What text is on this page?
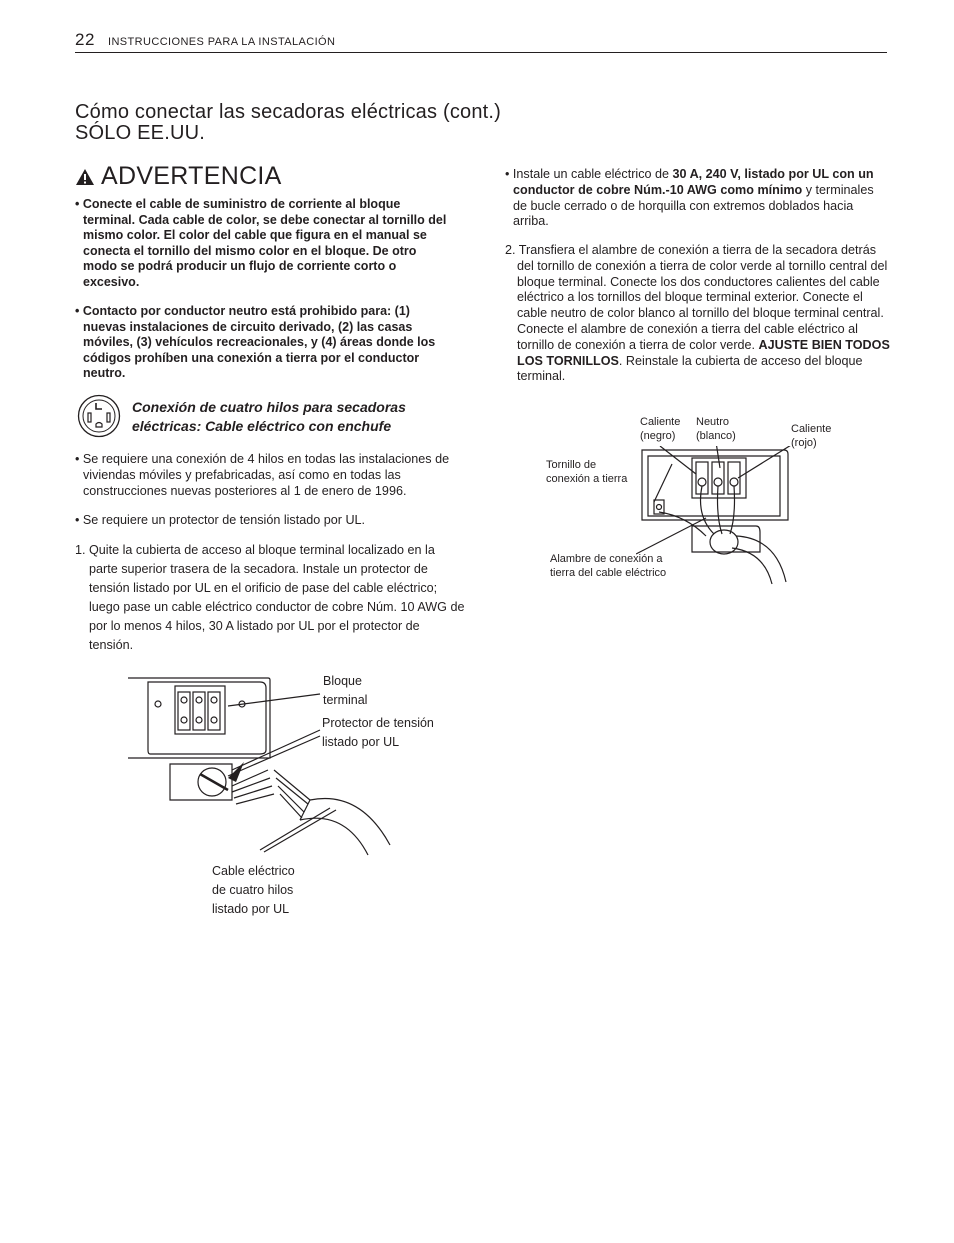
22 INSTRUCCIONES PARA LA INSTALACIÓN
Cómo conectar las secadoras eléctricas (cont.)
SÓLO EE.UU.
ADVERTENCIA

• Conecte el cable de suministro de corriente al bloque terminal. Cada cable de color, se debe conectar al tornillo del mismo color. El color del cable que figura en el manual se conecta el tornillo del mismo color en el bloque. De otro modo se podrá producir un flujo de corriente corto o excesivo.

• Contacto por conductor neutro está prohibido para: (1) nuevas instalaciones de circuito derivado, (2) las casas móviles, (3) vehículos recreacionales, y (4) áreas donde los códigos prohíben una conexión a tierra por el conductor neutro.

Conexión de cuatro hilos para secadoras eléctricas: Cable eléctrico con enchufe

• Se requiere una conexión de 4 hilos en todas las instalaciones de viviendas móviles y prefabricadas, así como en todas las construcciones nuevas posteriores al 1 de enero de 1996.

• Se requiere un protector de tensión listado por UL.

1. Quite la cubierta de acceso al bloque terminal localizado en la parte superior trasera de la secadora. Instale un protector de tensión listado por UL en el orificio de pase del cable eléctrico; luego pase un cable eléctrico conductor de cobre Núm. 10 AWG de por lo menos 4 hilos, 30 A listado por UL por el protector de tensión.

• Instale un cable eléctrico de 30 A, 240 V, listado por UL con un conductor de cobre Núm.-10 AWG como mínimo y terminales de bucle cerrado o de horquilla con extremos doblados hacia arriba.

2. Transfiera el alambre de conexión a tierra de la secadora detrás del tornillo de conexión a tierra de color verde al tornillo central del bloque terminal. Conecte los dos conductores calientes del cable eléctrico a los tornillos del bloque terminal exterior. Conecte el cable neutro de color blanco al tornillo del bloque terminal central. Conecte el alambre de conexión a tierra del cable eléctrico al tornillo de conexión a tierra de color verde. AJUSTE BIEN TODOS LOS TORNILLOS. Reinstale la cubierta de acceso del bloque terminal.

Bloque
terminal
Protector de tensión
listado por UL
Cable eléctrico
de cuatro hilos
listado por UL
Caliente
(negro)
Neutro
(blanco)
Caliente
(rojo)
Tornillo de
conexión a tierra
Alambre de conexión a
tierra del cable eléctrico
